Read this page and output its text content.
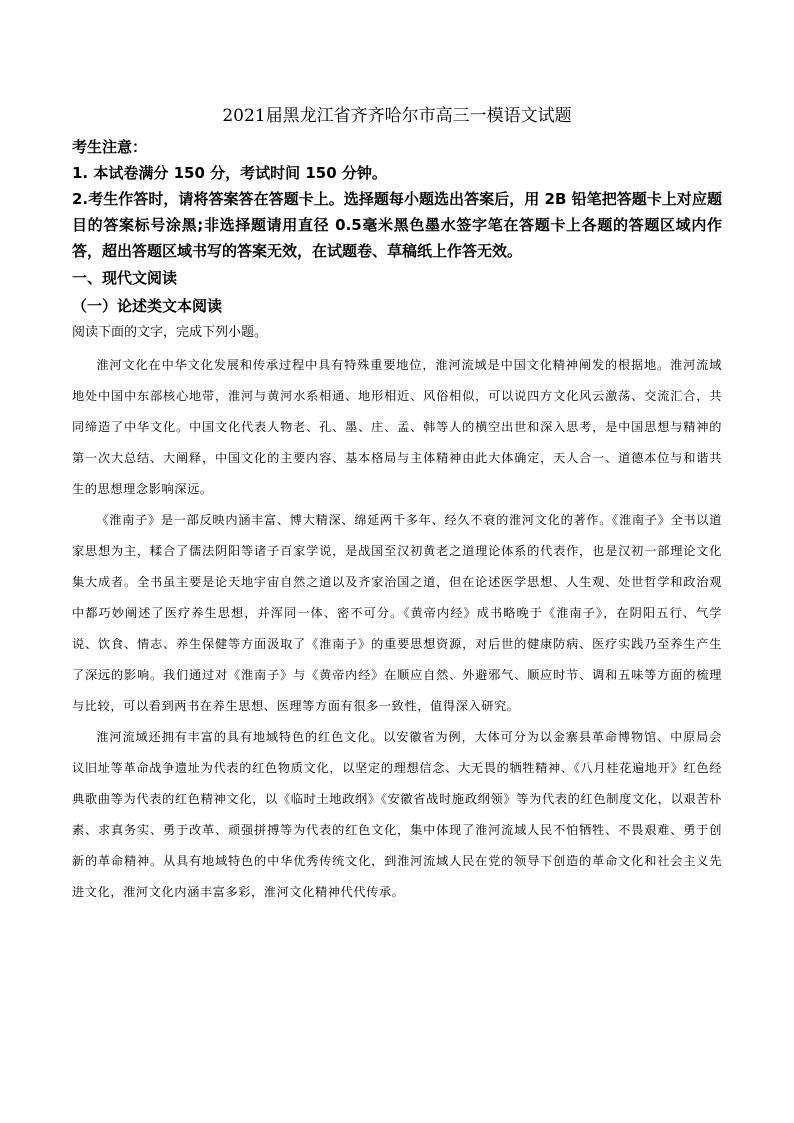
2021届黑龙江省齐齐哈尔市高三一模语文试题

考生注意：

1. 本试卷满分 150 分，考试时间 150 分钟。

2.考生作答时，请将答案答在答题卡上。选择题每小题选出答案后，用 2B 铅笔把答题卡上对应题目的答案标号涂黑;非选择题请用直径 0.5毫米黑色墨水签字笔在答题卡上各题的答题区域内作答，超出答题区域书写的答案无效，在试题卷、草稿纸上作答无效。

一、现代文阅读

（一）论述类文本阅读

阅读下面的文字，完成下列小题。

淮河文化在中华文化发展和传承过程中具有特殊重要地位，淮河流域是中国文化精神阐发的根据地。淮河流域地处中国中东部核心地带，淮河与黄河水系相通、地形相近、风俗相似，可以说四方文化风云激荡、交流汇合，共同缔造了中华文化。中国文化代表人物老、孔、墨、庄、孟、韩等人的横空出世和深入思考，是中国思想与精神的第一次大总结、大阐释，中国文化的主要内容、基本格局与主体精神由此大体确定，天人合一、道德本位与和谐共生的思想理念影响深远。

《淮南子》是一部反映内涵丰富、博大精深、绵延两千多年、经久不衰的淮河文化的著作。《淮南子》全书以道家思想为主，糅合了儒法阴阳等诸子百家学说，是战国至汉初黄老之道理论体系的代表作，也是汉初一部理论文化集大成者。全书虽主要是论天地宇宙自然之道以及齐家治国之道，但在论述医学思想、人生观、处世哲学和政治观中都巧妙阐述了医疗养生思想，并浑同一体、密不可分。《黄帝内经》成书略晚于《淮南子》，在阴阳五行、气学说、饮食、情志、养生保健等方面汲取了《淮南子》的重要思想资源，对后世的健康防病、医疗实践乃至养生产生了深远的影响。我们通过对《淮南子》与《黄帝内经》在顺应自然、外避邪气、顺应时节、调和五味等方面的梳理与比较，可以看到两书在养生思想、医理等方面有很多一致性，值得深入研究。

淮河流域还拥有丰富的具有地域特色的红色文化。以安徽省为例，大体可分为以金寨县革命博物馆、中原局会议旧址等革命战争遗址为代表的红色物质文化，以坚定的理想信念、大无畏的牺牲精神、《八月桂花遍地开》红色经典歌曲等为代表的红色精神文化，以《临时土地政纲》《安徽省战时施政纲领》等为代表的红色制度文化，以艰苦朴素、求真务实、勇于改革、顽强拼搏等为代表的红色文化，集中体现了淮河流域人民不怕牺牲、不畏艰难、勇于创新的革命精神。从具有地域特色的中华优秀传统文化，到淮河流域人民在党的领导下创造的革命文化和社会主义先进文化，淮河文化内涵丰富多彩，淮河文化精神代代传承。
